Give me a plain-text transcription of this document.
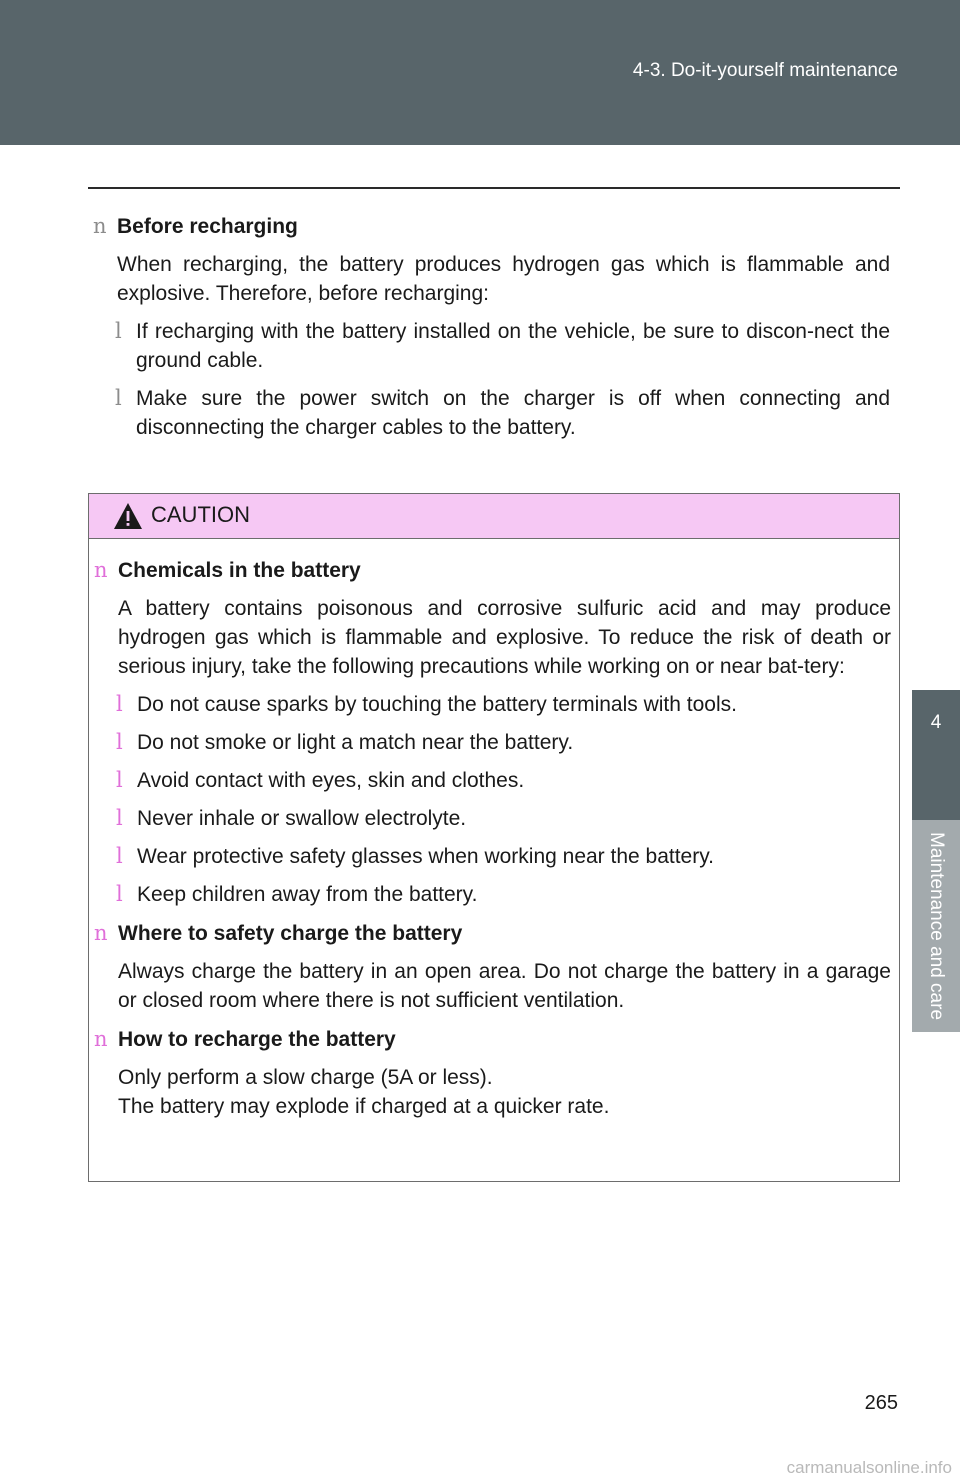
4-3. Do-it-yourself maintenance
4
Maintenance and care
n Before recharging
When recharging, the battery produces hydrogen gas which is flammable and explosive. Therefore, before recharging:
l If recharging with the battery installed on the vehicle, be sure to discon-nect the ground cable.
l Make sure the power switch on the charger is off when connecting and disconnecting the charger cables to the battery.
CAUTION
n Chemicals in the battery
A battery contains poisonous and corrosive sulfuric acid and may produce hydrogen gas which is flammable and explosive. To reduce the risk of death or serious injury, take the following precautions while working on or near bat-tery:
l Do not cause sparks by touching the battery terminals with tools.
l Do not smoke or light a match near the battery.
l Avoid contact with eyes, skin and clothes.
l Never inhale or swallow electrolyte.
l Wear protective safety glasses when working near the battery.
l Keep children away from the battery.
n Where to safety charge the battery
Always charge the battery in an open area. Do not charge the battery in a garage or closed room where there is not sufficient ventilation.
n How to recharge the battery
Only perform a slow charge (5A or less).
The battery may explode if charged at a quicker rate.
265
carmanualsonline.info
